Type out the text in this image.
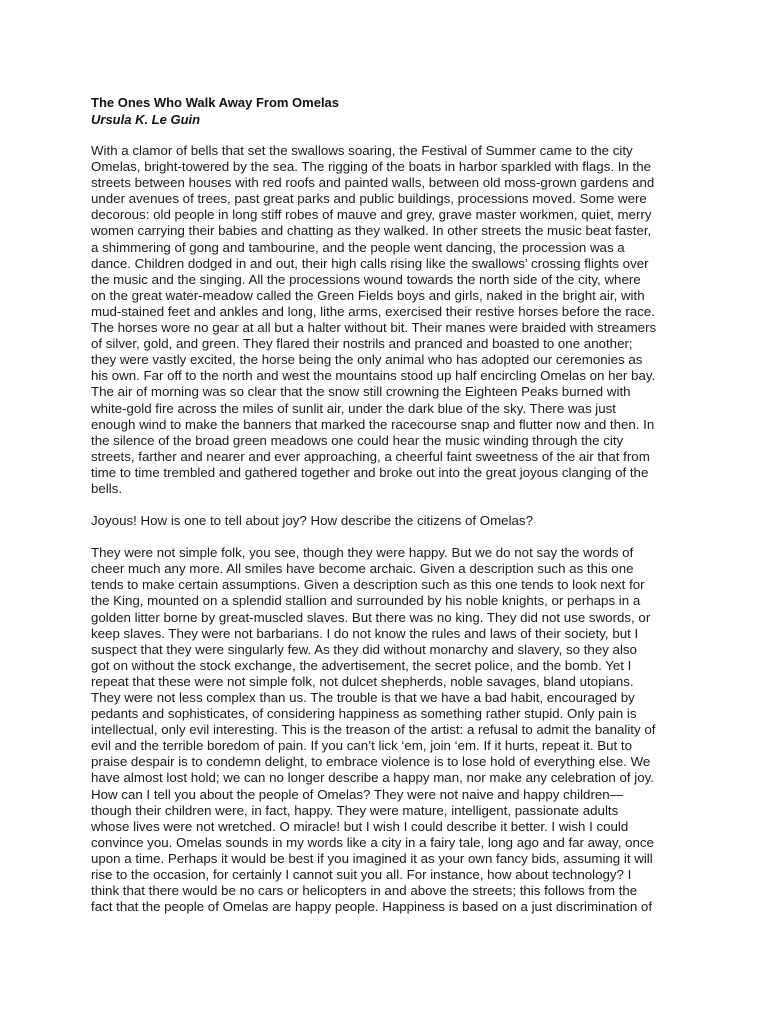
The Ones Who Walk Away From Omelas
Ursula K. Le Guin
With a clamor of bells that set the swallows soaring, the Festival of Summer came to the city
Omelas, bright-towered by the sea. The rigging of the boats in harbor sparkled with flags. In the
streets between houses with red roofs and painted walls, between old moss-grown gardens and
under avenues of trees, past great parks and public buildings, processions moved. Some were
decorous: old people in long stiff robes of mauve and grey, grave master workmen, quiet, merry
women carrying their babies and chatting as they walked. In other streets the music beat faster,
a shimmering of gong and tambourine, and the people went dancing, the procession was a
dance. Children dodged in and out, their high calls rising like the swallows’ crossing flights over
the music and the singing. All the processions wound towards the north side of the city, where
on the great water-meadow called the Green Fields boys and girls, naked in the bright air, with
mud-stained feet and ankles and long, lithe arms, exercised their restive horses before the race.
The horses wore no gear at all but a halter without bit. Their manes were braided with streamers
of silver, gold, and green. They flared their nostrils and pranced and boasted to one another;
they were vastly excited, the horse being the only animal who has adopted our ceremonies as
his own. Far off to the north and west the mountains stood up half encircling Omelas on her bay.
The air of morning was so clear that the snow still crowning the Eighteen Peaks burned with
white-gold fire across the miles of sunlit air, under the dark blue of the sky. There was just
enough wind to make the banners that marked the racecourse snap and flutter now and then. In
the silence of the broad green meadows one could hear the music winding through the city
streets, farther and nearer and ever approaching, a cheerful faint sweetness of the air that from
time to time trembled and gathered together and broke out into the great joyous clanging of the
bells.
Joyous! How is one to tell about joy? How describe the citizens of Omelas?
They were not simple folk, you see, though they were happy. But we do not say the words of
cheer much any more. All smiles have become archaic. Given a description such as this one
tends to make certain assumptions. Given a description such as this one tends to look next for
the King, mounted on a splendid stallion and surrounded by his noble knights, or perhaps in a
golden litter borne by great-muscled slaves. But there was no king. They did not use swords, or
keep slaves. They were not barbarians. I do not know the rules and laws of their society, but I
suspect that they were singularly few. As they did without monarchy and slavery, so they also
got on without the stock exchange, the advertisement, the secret police, and the bomb. Yet I
repeat that these were not simple folk, not dulcet shepherds, noble savages, bland utopians.
They were not less complex than us. The trouble is that we have a bad habit, encouraged by
pedants and sophisticates, of considering happiness as something rather stupid. Only pain is
intellectual, only evil interesting. This is the treason of the artist: a refusal to admit the banality of
evil and the terrible boredom of pain. If you can’t lick ‘em, join ‘em. If it hurts, repeat it. But to
praise despair is to condemn delight, to embrace violence is to lose hold of everything else. We
have almost lost hold; we can no longer describe a happy man, nor make any celebration of joy.
How can I tell you about the people of Omelas? They were not naive and happy children—
though their children were, in fact, happy. They were mature, intelligent, passionate adults
whose lives were not wretched. O miracle! but I wish I could describe it better. I wish I could
convince you. Omelas sounds in my words like a city in a fairy tale, long ago and far away, once
upon a time. Perhaps it would be best if you imagined it as your own fancy bids, assuming it will
rise to the occasion, for certainly I cannot suit you all. For instance, how about technology? I
think that there would be no cars or helicopters in and above the streets; this follows from the
fact that the people of Omelas are happy people. Happiness is based on a just discrimination of
